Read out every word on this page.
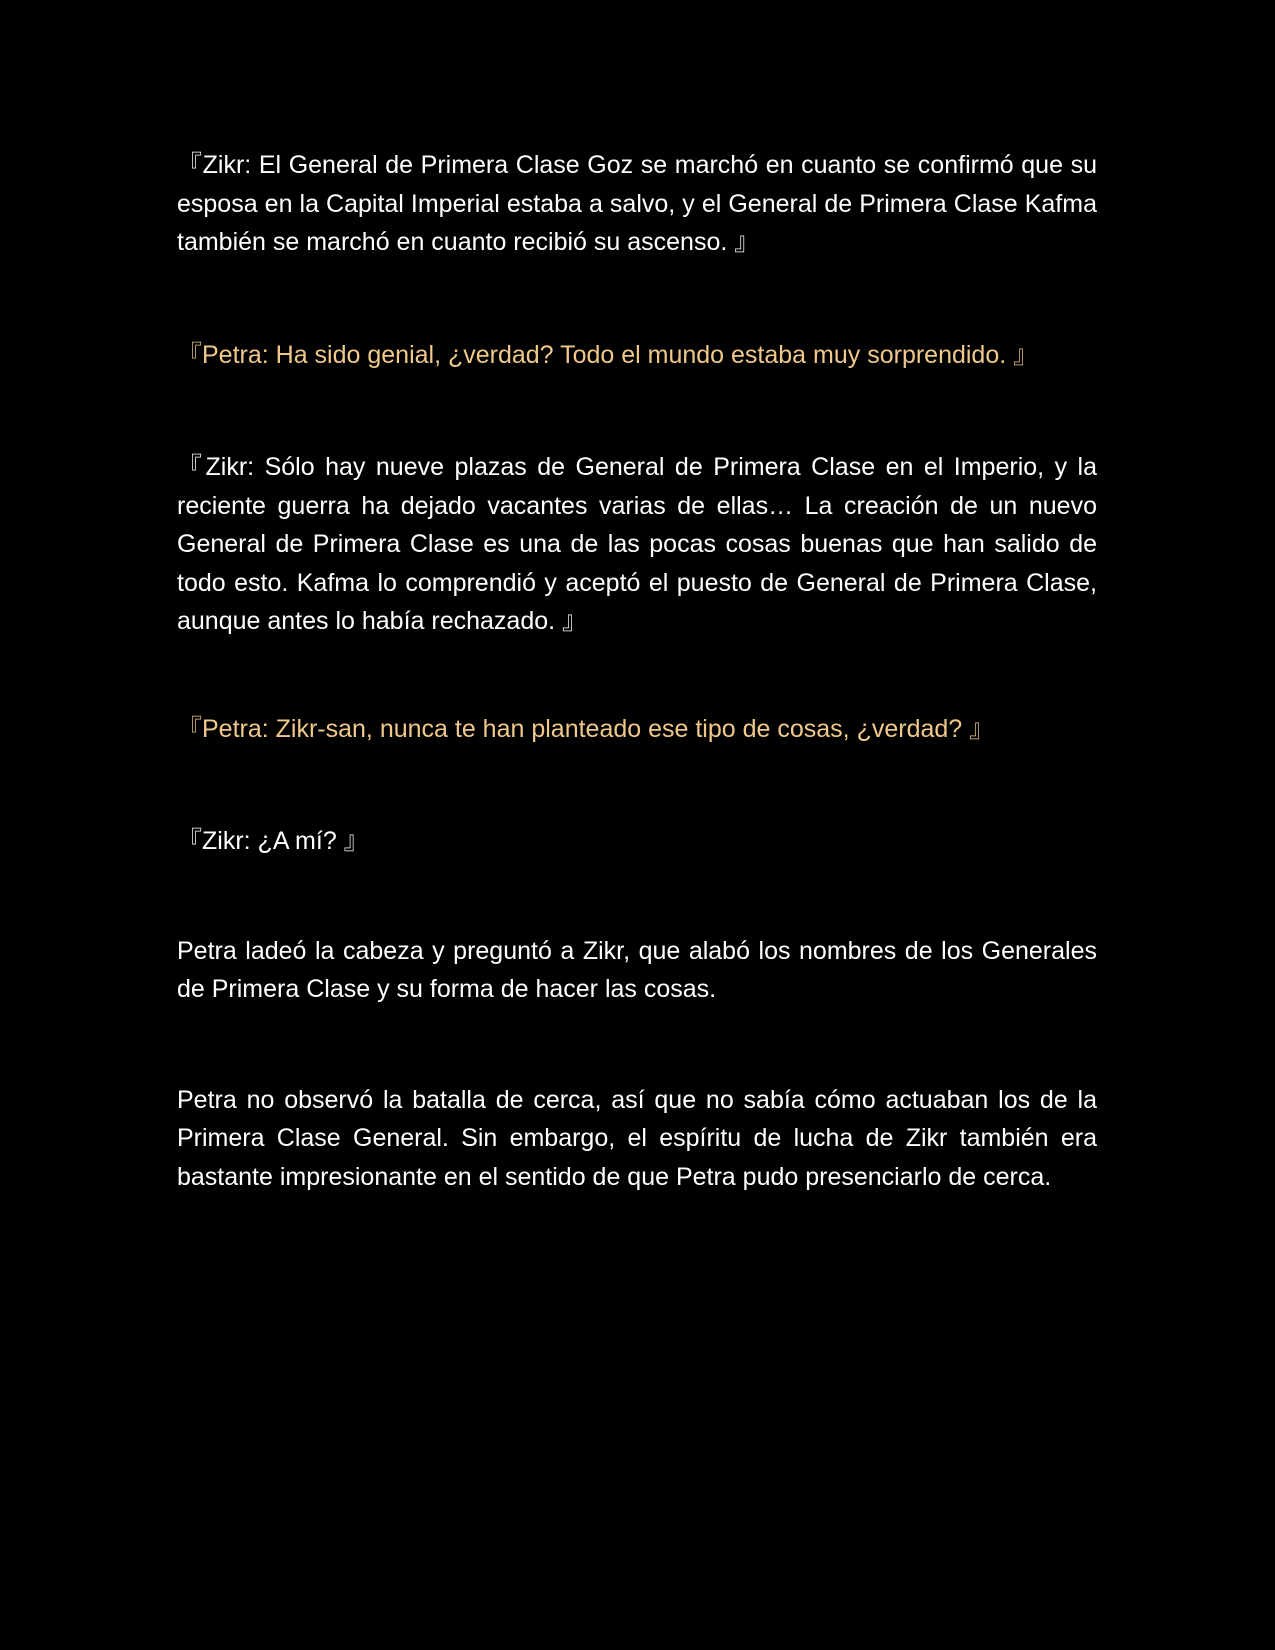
『Zikr: El General de Primera Clase Goz se marchó en cuanto se confirmó que su esposa en la Capital Imperial estaba a salvo, y el General de Primera Clase Kafma también se marchó en cuanto recibió su ascenso. 』

『Petra: Ha sido genial, ¿verdad? Todo el mundo estaba muy sorprendido. 』

『Zikr: Sólo hay nueve plazas de General de Primera Clase en el Imperio, y la reciente guerra ha dejado vacantes varias de ellas… La creación de un nuevo General de Primera Clase es una de las pocas cosas buenas que han salido de todo esto. Kafma lo comprendió y aceptó el puesto de General de Primera Clase, aunque antes lo había rechazado. 』

『Petra: Zikr-san, nunca te han planteado ese tipo de cosas, ¿verdad? 』

『Zikr: ¿A mí? 』

Petra ladeó la cabeza y preguntó a Zikr, que alabó los nombres de los Generales de Primera Clase y su forma de hacer las cosas.

Petra no observó la batalla de cerca, así que no sabía cómo actuaban los de la Primera Clase General. Sin embargo, el espíritu de lucha de Zikr también era bastante impresionante en el sentido de que Petra pudo presenciarlo de cerca.
